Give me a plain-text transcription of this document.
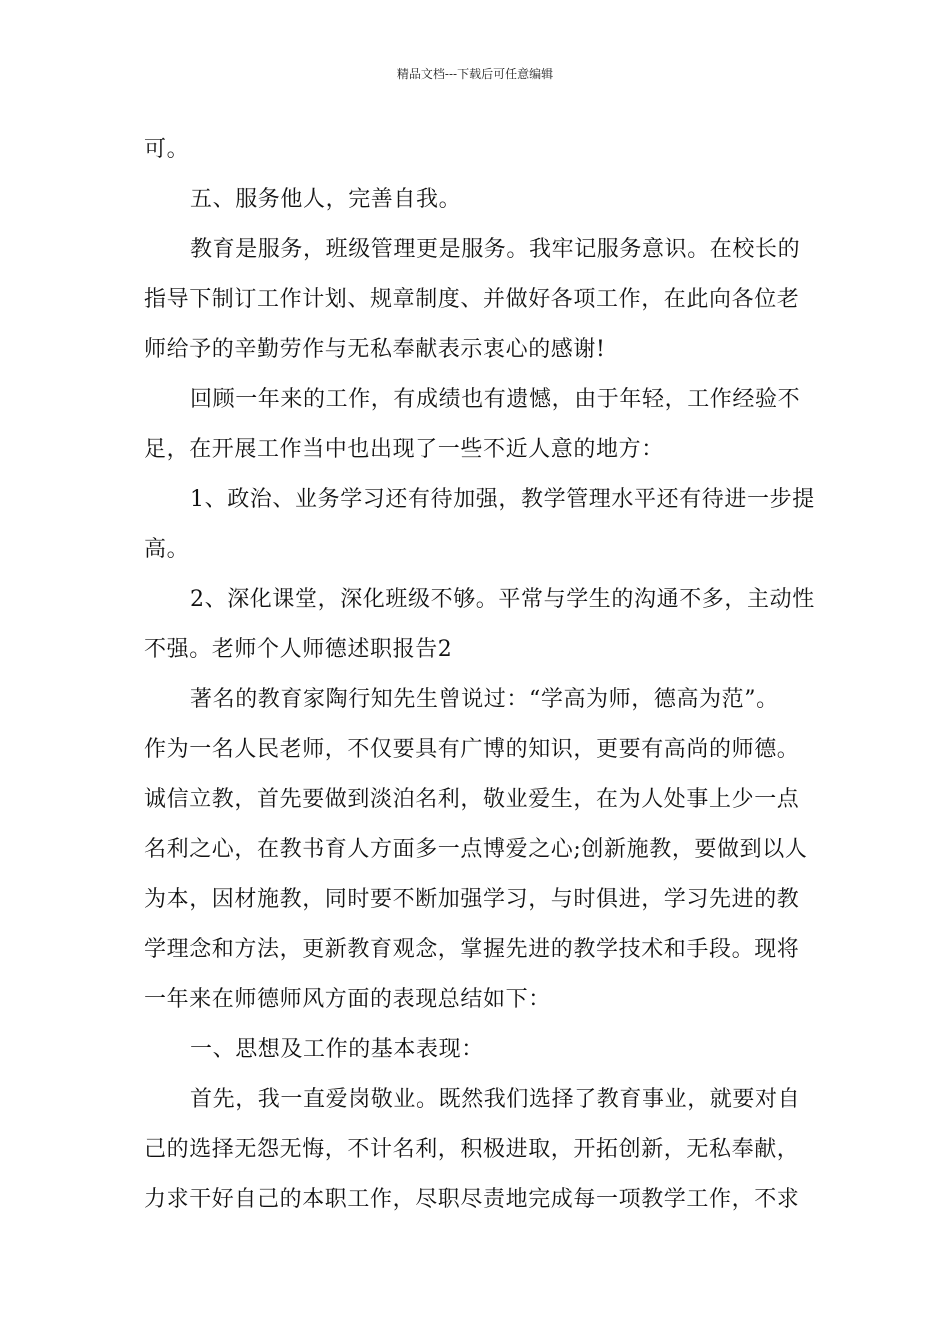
精品文档---下载后可任意编辑

可。

五、服务他人，完善自我。

教育是服务，班级管理更是服务。我牢记服务意识。在校长的

指导下制订工作计划、规章制度、并做好各项工作，在此向各位老

师给予的辛勤劳作与无私奉献表示衷心的感谢!

回顾一年来的工作，有成绩也有遗憾，由于年轻，工作经验不

足，在开展工作当中也出现了一些不近人意的地方：

1、政治、业务学习还有待加强，教学管理水平还有待进一步提

高。

2、深化课堂，深化班级不够。平常与学生的沟通不多，主动性

不强。老师个人师德述职报告2

著名的教育家陶行知先生曾说过：“学高为师，德高为范”。

作为一名人民老师，不仅要具有广博的知识，更要有高尚的师德。

诚信立教，首先要做到淡泊名利，敬业爱生，在为人处事上少一点

名利之心，在教书育人方面多一点博爱之心;创新施教，要做到以人

为本，因材施教，同时要不断加强学习，与时俱进，学习先进的教

学理念和方法，更新教育观念，掌握先进的教学技术和手段。现将

一年来在师德师风方面的表现总结如下：

一、思想及工作的基本表现：

首先，我一直爱岗敬业。既然我们选择了教育事业，就要对自

己的选择无怨无悔，不计名利，积极进取，开拓创新，无私奉献，

力求干好自己的本职工作，尽职尽责地完成每一项教学工作，不求
